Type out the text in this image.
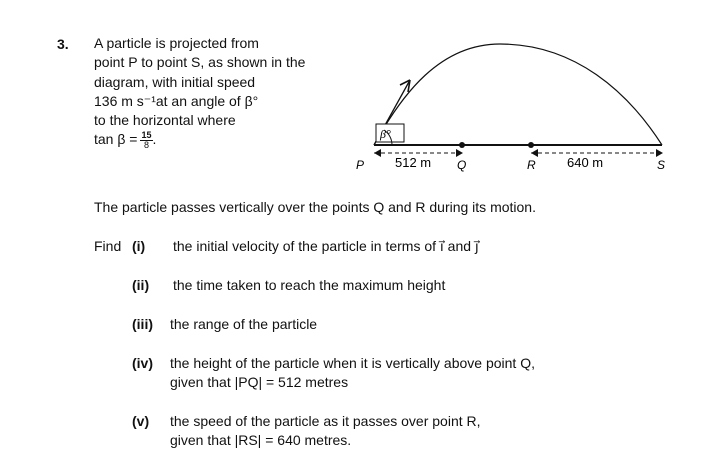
3. A particle is projected from
point P to point S, as shown in the
diagram, with initial speed
136 m s⁻¹at an angle of β°
to the horizontal where
$\tan \beta = \frac{15}{8}$ .	β°
P 512 m Q	R 640 m	S
The particle passes vertically over the points Q and R during its motion.
Find (i) the initial velocity of the particle in terms of ı⃗ and ȷ⃗
(ii) the time taken to reach the maximum height
(iii) the range of the particle
(iv) the height of the particle when it is vertically above point Q,
given that |PQ| = 512 metres
(v) the speed of the particle as it passes over point R,
given that |RS| = 640 metres.
